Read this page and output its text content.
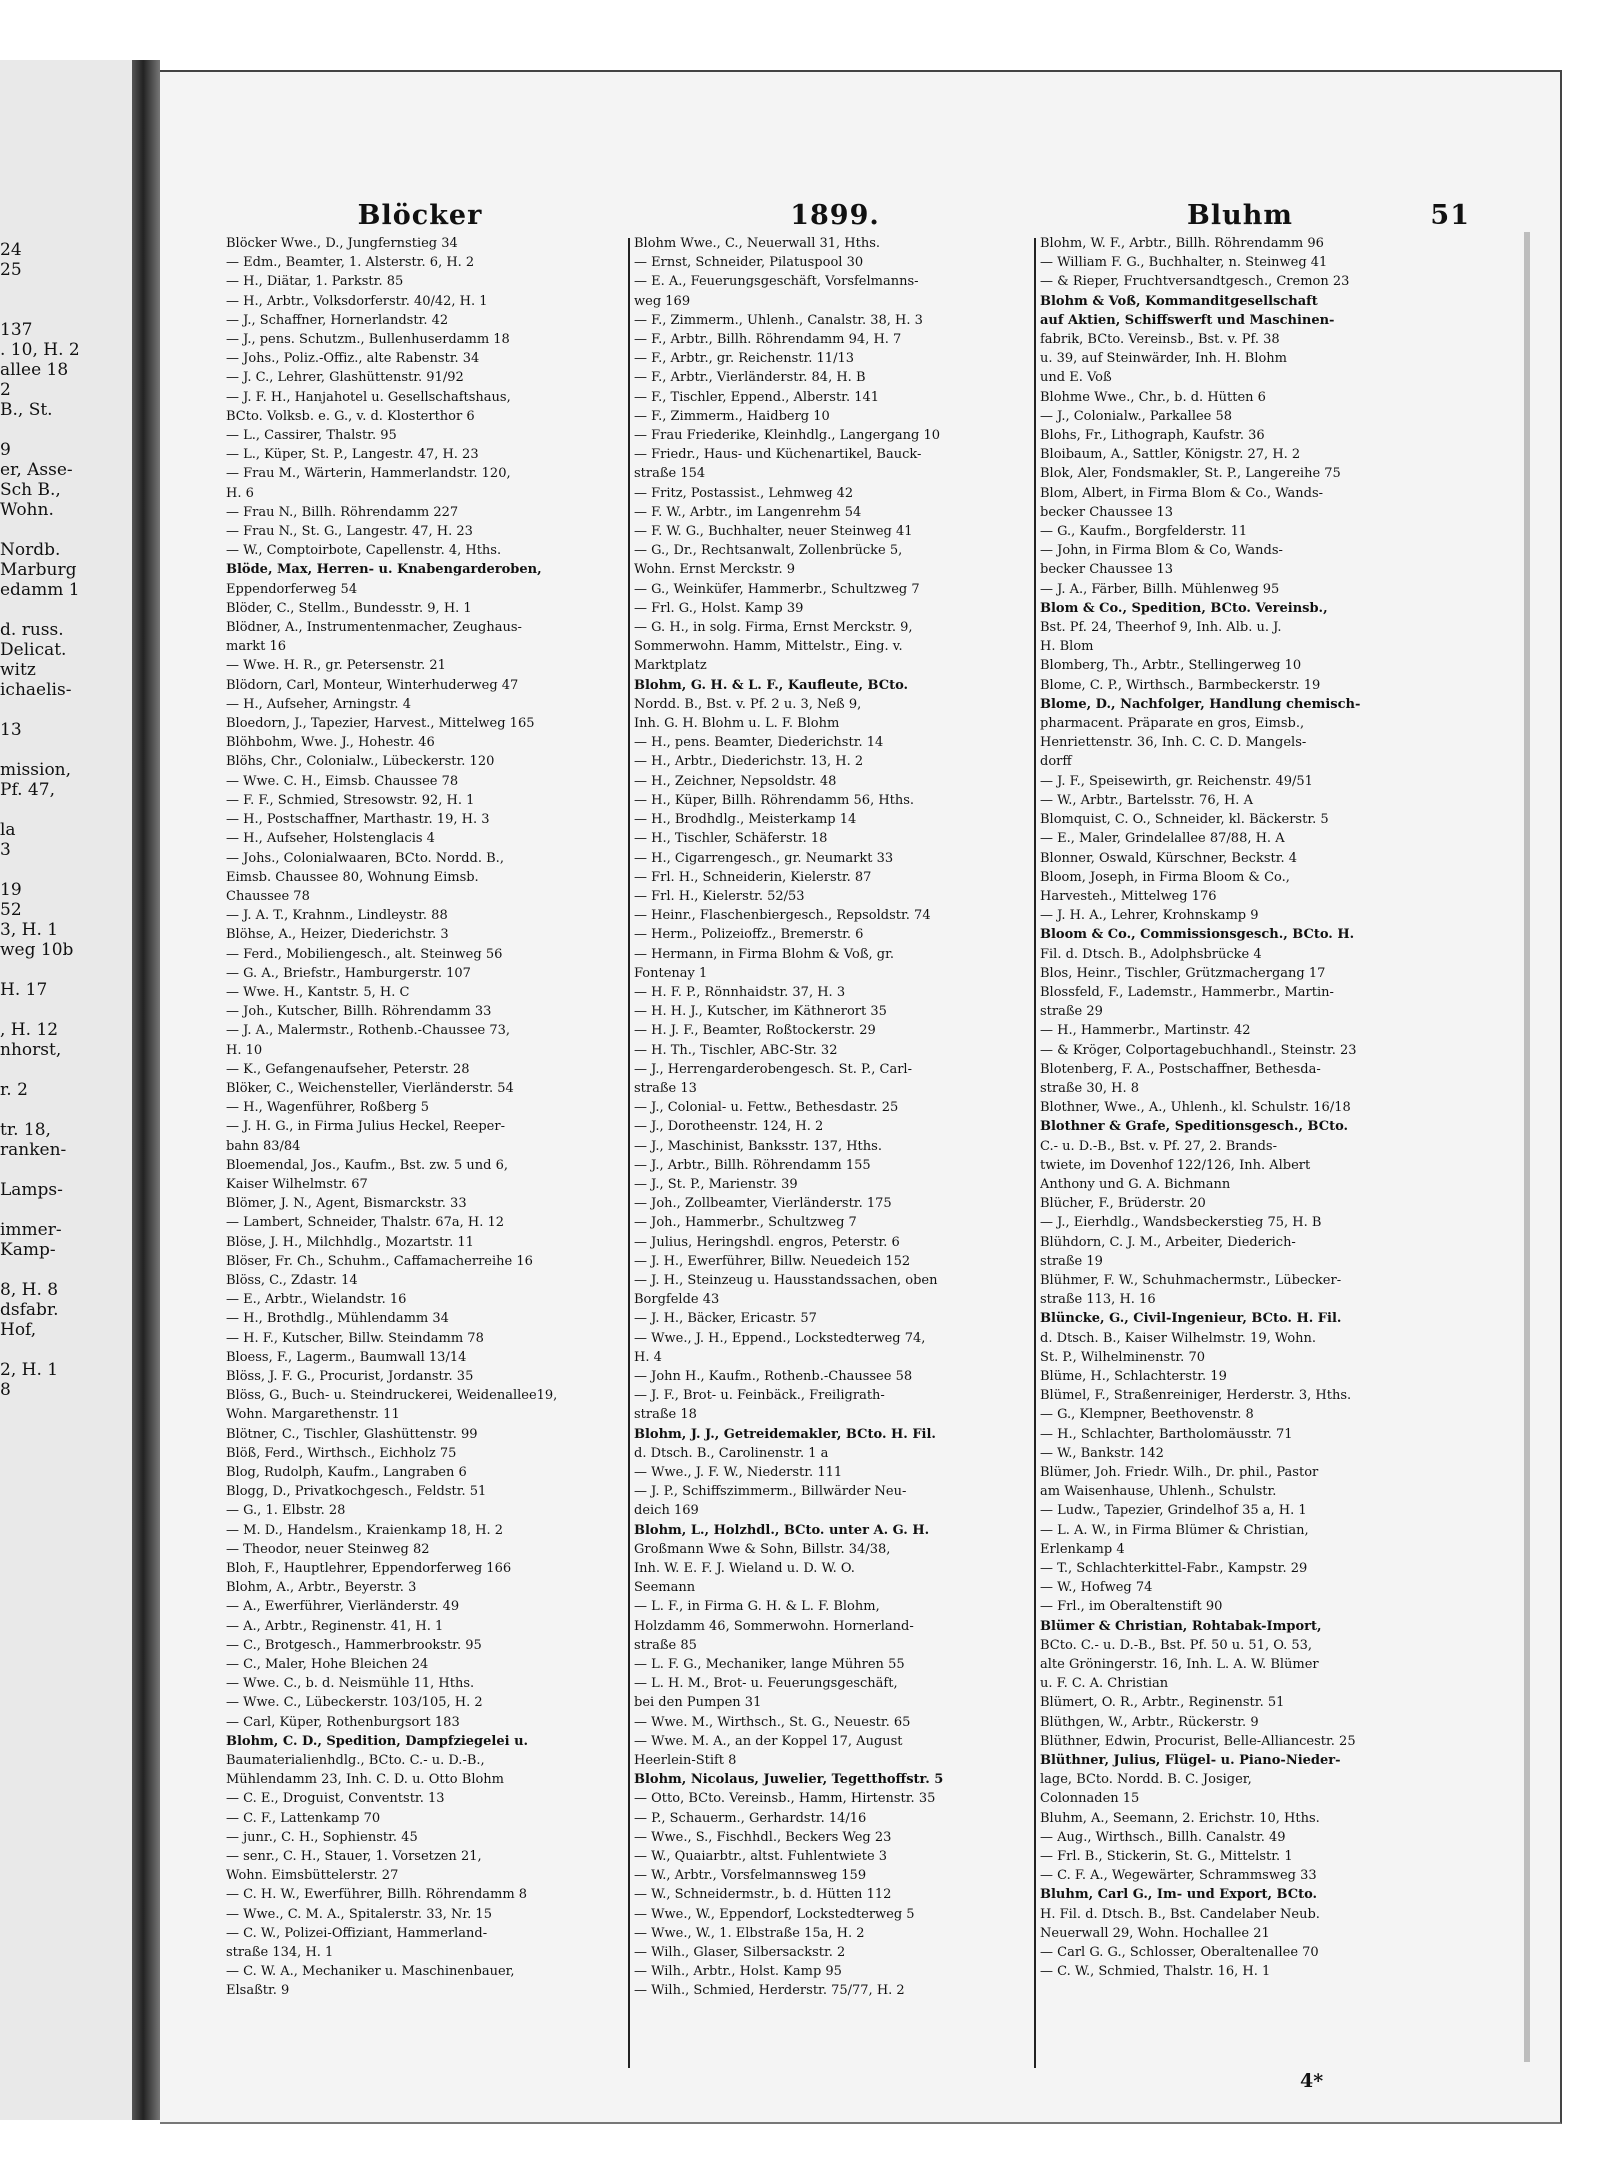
24
25

137
. 10, H. 2
allee 18
2
B., St.

9
er, Asse-
Sch B.,
Wohn.

Nordb.
Marburg
edamm 1

d. russ.
Delicat.
witz
ichaelis-

13

mission,
Pf. 47,

la
3

19
52
3, H. 1
weg 10b

H. 17

, H. 12
nhorst,

r. 2

tr. 18,
ranken-

Lamps-

immer-
Kamp-

8, H. 8
dsfabr.
Hof,

2, H. 1
8
Blöcker	1899.	Bluhm	51
Blöcker Wwe., D., Jungfernstieg 34
— Edm., Beamter, 1. Alsterstr. 6, H. 2
— H., Diätar, 1. Parkstr. 85
— H., Arbtr., Volksdorferstr. 40/42, H. 1
— J., Schaffner, Hornerlandstr. 42
— J., pens. Schutzm., Bullenhuserdamm 18
— Johs., Poliz.-Offiz., alte Rabenstr. 34
— J. C., Lehrer, Glashüttenstr. 91/92
— J. F. H., Hanjahotel u. Gesellschaftshaus,
BCto. Volksb. e. G., v. d. Klosterthor 6
— L., Cassirer, Thalstr. 95
— L., Küper, St. P., Langestr. 47, H. 23
— Frau M., Wärterin, Hammerlandstr. 120,
H. 6
— Frau N., Billh. Röhrendamm 227
— Frau N., St. G., Langestr. 47, H. 23
— W., Comptoirbote, Capellenstr. 4, Hths.
Blöde, Max, Herren- u. Knabengarderoben,
Eppendorferweg 54
Blöder, C., Stellm., Bundesstr. 9, H. 1
Blödner, A., Instrumentenmacher, Zeughaus-
markt 16
— Wwe. H. R., gr. Petersenstr. 21
Blödorn, Carl, Monteur, Winterhuderweg 47
— H., Aufseher, Arningstr. 4
Bloedorn, J., Tapezier, Harvest., Mittelweg 165
Blöhbohm, Wwe. J., Hohestr. 46
Blöhs, Chr., Colonialw., Lübeckerstr. 120
— Wwe. C. H., Eimsb. Chaussee 78
— F. F., Schmied, Stresowstr. 92, H. 1
— H., Postschaffner, Marthastr. 19, H. 3
— H., Aufseher, Holstenglacis 4
— Johs., Colonialwaaren, BCto. Nordd. B.,
Eimsb. Chaussee 80, Wohnung Eimsb.
Chaussee 78
— J. A. T., Krahnm., Lindleystr. 88
Blöhse, A., Heizer, Diederichstr. 3
— Ferd., Mobiliengesch., alt. Steinweg 56
— G. A., Briefstr., Hamburgerstr. 107
— Wwe. H., Kantstr. 5, H. C
— Joh., Kutscher, Billh. Röhrendamm 33
— J. A., Malermstr., Rothenb.-Chaussee 73,
H. 10
— K., Gefangenaufseher, Peterstr. 28
Blöker, C., Weichensteller, Vierländerstr. 54
— H., Wagenführer, Roßberg 5
— J. H. G., in Firma Julius Heckel, Reeper-
bahn 83/84
Bloemendal, Jos., Kaufm., Bst. zw. 5 und 6,
Kaiser Wilhelmstr. 67
Blömer, J. N., Agent, Bismarckstr. 33
— Lambert, Schneider, Thalstr. 67a, H. 12
Blöse, J. H., Milchhdlg., Mozartstr. 11
Blöser, Fr. Ch., Schuhm., Caffamacherreihe 16
Blöss, C., Zdastr. 14
— E., Arbtr., Wielandstr. 16
— H., Brothdlg., Mühlendamm 34
— H. F., Kutscher, Billw. Steindamm 78
Bloess, F., Lagerm., Baumwall 13/14
Blöss, J. F. G., Procurist, Jordanstr. 35
Blöss, G., Buch- u. Steindruckerei, Weidenallee19,
Wohn. Margarethenstr. 11
Blötner, C., Tischler, Glashüttenstr. 99
Blöß, Ferd., Wirthsch., Eichholz 75
Blog, Rudolph, Kaufm., Langraben 6
Blogg, D., Privatkochgesch., Feldstr. 51
— G., 1. Elbstr. 28
— M. D., Handelsm., Kraienkamp 18, H. 2
— Theodor, neuer Steinweg 82
Bloh, F., Hauptlehrer, Eppendorferweg 166
Blohm, A., Arbtr., Beyerstr. 3
— A., Ewerführer, Vierländerstr. 49
— A., Arbtr., Reginenstr. 41, H. 1
— C., Brotgesch., Hammerbrookstr. 95
— C., Maler, Hohe Bleichen 24
— Wwe. C., b. d. Neismühle 11, Hths.
— Wwe. C., Lübeckerstr. 103/105, H. 2
— Carl, Küper, Rothenburgsort 183
Blohm, C. D., Spedition, Dampfziegelei u.
Baumaterialienhdlg., BCto. C.- u. D.-B.,
Mühlendamm 23, Inh. C. D. u. Otto Blohm
— C. E., Droguist, Conventstr. 13
— C. F., Lattenkamp 70
— junr., C. H., Sophienstr. 45
— senr., C. H., Stauer, 1. Vorsetzen 21,
Wohn. Eimsbüttelerstr. 27
— C. H. W., Ewerführer, Billh. Röhrendamm 8
— Wwe., C. M. A., Spitalerstr. 33, Nr. 15
— C. W., Polizei-Offiziant, Hammerland-
straße 134, H. 1
— C. W. A., Mechaniker u. Maschinenbauer,
Elsaßtr. 9
Blohm Wwe., C., Neuerwall 31, Hths.
— Ernst, Schneider, Pilatuspool 30
— E. A., Feuerungsgeschäft, Vorsfelmanns-
weg 169
— F., Zimmerm., Uhlenh., Canalstr. 38, H. 3
— F., Arbtr., Billh. Röhrendamm 94, H. 7
— F., Arbtr., gr. Reichenstr. 11/13
— F., Arbtr., Vierländerstr. 84, H. B
— F., Tischler, Eppend., Alberstr. 141
— F., Zimmerm., Haidberg 10
— Frau Friederike, Kleinhdlg., Langergang 10
— Friedr., Haus- und Küchenartikel, Bauck-
straße 154
— Fritz, Postassist., Lehmweg 42
— F. W., Arbtr., im Langenrehm 54
— F. W. G., Buchhalter, neuer Steinweg 41
— G., Dr., Rechtsanwalt, Zollenbrücke 5,
Wohn. Ernst Merckstr. 9
— G., Weinküfer, Hammerbr., Schultzweg 7
— Frl. G., Holst. Kamp 39
— G. H., in solg. Firma, Ernst Merckstr. 9,
Sommerwohn. Hamm, Mittelstr., Eing. v.
Marktplatz
Blohm, G. H. & L. F., Kaufleute, BCto.
Nordd. B., Bst. v. Pf. 2 u. 3, Neß 9,
Inh. G. H. Blohm u. L. F. Blohm
— H., pens. Beamter, Diederichstr. 14
— H., Arbtr., Diederichstr. 13, H. 2
— H., Zeichner, Nepsoldstr. 48
— H., Küper, Billh. Röhrendamm 56, Hths.
— H., Brodhdlg., Meisterkamp 14
— H., Tischler, Schäferstr. 18
— H., Cigarrengesch., gr. Neumarkt 33
— Frl. H., Schneiderin, Kielerstr. 87
— Frl. H., Kielerstr. 52/53
— Heinr., Flaschenbiergesch., Repsoldstr. 74
— Herm., Polizeioffz., Bremerstr. 6
— Hermann, in Firma Blohm & Voß, gr.
Fontenay 1
— H. F. P., Rönnhaidstr. 37, H. 3
— H. H. J., Kutscher, im Käthnerort 35
— H. J. F., Beamter, Roßtockerstr. 29
— H. Th., Tischler, ABC-Str. 32
— J., Herrengarderobengesch. St. P., Carl-
straße 13
— J., Colonial- u. Fettw., Bethesdastr. 25
— J., Dorotheenstr. 124, H. 2
— J., Maschinist, Banksstr. 137, Hths.
— J., Arbtr., Billh. Röhrendamm 155
— J., St. P., Marienstr. 39
— Joh., Zollbeamter, Vierländerstr. 175
— Joh., Hammerbr., Schultzweg 7
— Julius, Heringshdl. engros, Peterstr. 6
— J. H., Ewerführer, Billw. Neuedeich 152
— J. H., Steinzeug u. Hausstandssachen, oben
Borgfelde 43
— J. H., Bäcker, Ericastr. 57
— Wwe., J. H., Eppend., Lockstedterweg 74,
H. 4
— John H., Kaufm., Rothenb.-Chaussee 58
— J. F., Brot- u. Feinbäck., Freiligrath-
straße 18
Blohm, J. J., Getreidemakler, BCto. H. Fil.
d. Dtsch. B., Carolinenstr. 1 a
— Wwe., J. F. W., Niederstr. 111
— J. P., Schiffszimmerm., Billwärder Neu-
deich 169
Blohm, L., Holzhdl., BCto. unter A. G. H.
Großmann Wwe & Sohn, Billstr. 34/38,
Inh. W. E. F. J. Wieland u. D. W. O.
Seemann
— L. F., in Firma G. H. & L. F. Blohm,
Holzdamm 46, Sommerwohn. Hornerland-
straße 85
— L. F. G., Mechaniker, lange Mühren 55
— L. H. M., Brot- u. Feuerungsgeschäft,
bei den Pumpen 31
— Wwe. M., Wirthsch., St. G., Neuestr. 65
— Wwe. M. A., an der Koppel 17, August
Heerlein-Stift 8
Blohm, Nicolaus, Juwelier, Tegetthoffstr. 5
— Otto, BCto. Vereinsb., Hamm, Hirtenstr. 35
— P., Schauerm., Gerhardstr. 14/16
— Wwe., S., Fischhdl., Beckers Weg 23
— W., Quaiarbtr., altst. Fuhlentwiete 3
— W., Arbtr., Vorsfelmannsweg 159
— W., Schneidermstr., b. d. Hütten 112
— Wwe., W., Eppendorf, Lockstedterweg 5
— Wwe., W., 1. Elbstraße 15a, H. 2
— Wilh., Glaser, Silbersackstr. 2
— Wilh., Arbtr., Holst. Kamp 95
— Wilh., Schmied, Herderstr. 75/77, H. 2
Blohm, W. F., Arbtr., Billh. Röhrendamm 96
— William F. G., Buchhalter, n. Steinweg 41
— & Rieper, Fruchtversandtgesch., Cremon 23
Blohm & Voß, Kommanditgesellschaft
auf Aktien, Schiffswerft und Maschinen-
fabrik, BCto. Vereinsb., Bst. v. Pf. 38
u. 39, auf Steinwärder, Inh. H. Blohm
und E. Voß
Blohme Wwe., Chr., b. d. Hütten 6
— J., Colonialw., Parkallee 58
Blohs, Fr., Lithograph, Kaufstr. 36
Bloibaum, A., Sattler, Königstr. 27, H. 2
Blok, Aler, Fondsmakler, St. P., Langereihe 75
Blom, Albert, in Firma Blom & Co., Wands-
becker Chaussee 13
— G., Kaufm., Borgfelderstr. 11
— John, in Firma Blom & Co, Wands-
becker Chaussee 13
— J. A., Färber, Billh. Mühlenweg 95
Blom & Co., Spedition, BCto. Vereinsb.,
Bst. Pf. 24, Theerhof 9, Inh. Alb. u. J.
H. Blom
Blomberg, Th., Arbtr., Stellingerweg 10
Blome, C. P., Wirthsch., Barmbeckerstr. 19
Blome, D., Nachfolger, Handlung chemisch-
pharmacent. Präparate en gros, Eimsb.,
Henriettenstr. 36, Inh. C. C. D. Mangels-
dorff
— J. F., Speisewirth, gr. Reichenstr. 49/51
— W., Arbtr., Bartelsstr. 76, H. A
Blomquist, C. O., Schneider, kl. Bäckerstr. 5
— E., Maler, Grindelallee 87/88, H. A
Blonner, Oswald, Kürschner, Beckstr. 4
Bloom, Joseph, in Firma Bloom & Co.,
Harvesteh., Mittelweg 176
— J. H. A., Lehrer, Krohnskamp 9
Bloom & Co., Commissionsgesch., BCto. H.
Fil. d. Dtsch. B., Adolphsbrücke 4
Blos, Heinr., Tischler, Grützmachergang 17
Blossfeld, F., Lademstr., Hammerbr., Martin-
straße 29
— H., Hammerbr., Martinstr. 42
— & Kröger, Colportagebuchhandl., Steinstr. 23
Blotenberg, F. A., Postschaffner, Bethesda-
straße 30, H. 8
Blothner, Wwe., A., Uhlenh., kl. Schulstr. 16/18
Blothner & Grafe, Speditionsgesch., BCto.
C.- u. D.-B., Bst. v. Pf. 27, 2. Brands-
twiete, im Dovenhof 122/126, Inh. Albert
Anthony und G. A. Bichmann
Blücher, F., Brüderstr. 20
— J., Eierhdlg., Wandsbeckerstieg 75, H. B
Blühdorn, C. J. M., Arbeiter, Diederich-
straße 19
Blühmer, F. W., Schuhmachermstr., Lübecker-
straße 113, H. 16
Blüncke, G., Civil-Ingenieur, BCto. H. Fil.
d. Dtsch. B., Kaiser Wilhelmstr. 19, Wohn.
St. P., Wilhelminenstr. 70
Blüme, H., Schlachterstr. 19
Blümel, F., Straßenreiniger, Herderstr. 3, Hths.
— G., Klempner, Beethovenstr. 8
— H., Schlachter, Bartholomäusstr. 71
— W., Bankstr. 142
Blümer, Joh. Friedr. Wilh., Dr. phil., Pastor
am Waisenhause, Uhlenh., Schulstr.
— Ludw., Tapezier, Grindelhof 35 a, H. 1
— L. A. W., in Firma Blümer & Christian,
Erlenkamp 4
— T., Schlachterkittel-Fabr., Kampstr. 29
— W., Hofweg 74
— Frl., im Oberaltenstift 90
Blümer & Christian, Rohtabak-Import,
BCto. C.- u. D.-B., Bst. Pf. 50 u. 51, O. 53,
alte Gröningerstr. 16, Inh. L. A. W. Blümer
u. F. C. A. Christian
Blümert, O. R., Arbtr., Reginenstr. 51
Blüthgen, W., Arbtr., Rückerstr. 9
Blüthner, Edwin, Procurist, Belle-Alliancestr. 25
Blüthner, Julius, Flügel- u. Piano-Nieder-
lage, BCto. Nordd. B. C. Josiger,
Colonnaden 15
Bluhm, A., Seemann, 2. Erichstr. 10, Hths.
— Aug., Wirthsch., Billh. Canalstr. 49
— Frl. B., Stickerin, St. G., Mittelstr. 1
— C. F. A., Wegewärter, Schrammsweg 33
Bluhm, Carl G., Im- und Export, BCto.
H. Fil. d. Dtsch. B., Bst. Candelaber Neub.
Neuerwall 29, Wohn. Hochallee 21
— Carl G. G., Schlosser, Oberaltenallee 70
— C. W., Schmied, Thalstr. 16, H. 1
4*
